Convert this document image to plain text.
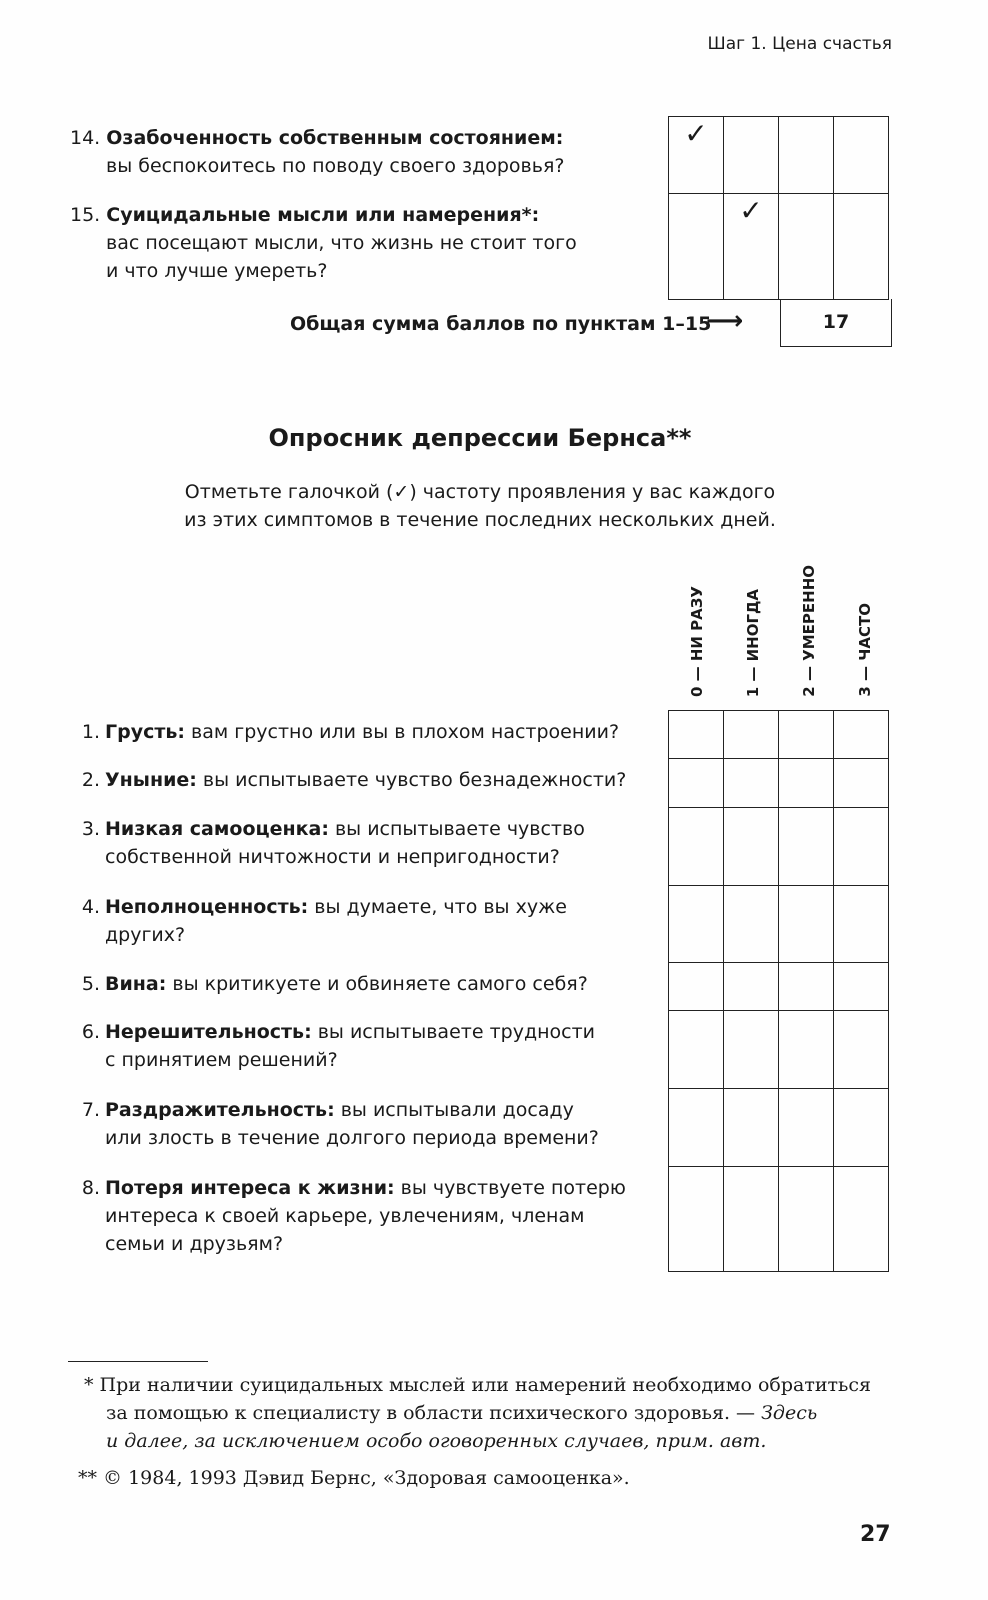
Шаг 1. Цена счастья
14. Озабоченность собственным состоянием:
вы беспокоитесь по поводу своего здоровья?
15. Суицидальные мысли или намерения*:
вас посещают мысли, что жизнь не стоит того
и что лучше умереть?
✓			
	✓		
Общая сумма баллов по пунктам 1–15
⟶	17
Опросник депрессии Бернса**
Отметьте галочкой (✓) частоту проявления у вас каждого
из этих симптомов в течение последних нескольких дней.
0 — НИ РАЗУ	1 — ИНОГДА	2 — УМЕРЕННО	3 — ЧАСТО

1. Грусть: вам грустно или вы в плохом настроении?
2. Уныние: вы испытываете чувство безнадежности?
3. Низкая самооценка: вы испытываете чувство
собственной ничтожности и непригодности?
4. Неполноценность: вы думаете, что вы хуже
других?
5. Вина: вы критикуете и обвиняете самого себя?
6. Нерешительность: вы испытываете трудности
с принятием решений?
7. Раздражительность: вы испытывали досаду
или злость в течение долгого периода времени?
8. Потеря интереса к жизни: вы чувствуете потерю
интереса к своей карьере, увлечениям, членам
семьи и друзьям?
* При наличии суицидальных мыслей или намерений необходимо обратиться
за помощью к специалисту в области психического здоровья. — Здесь
и далее, за исключением особо оговоренных случаев, прим. авт.
** © 1984, 1993 Дэвид Бернс, «Здоровая самооценка».
27
